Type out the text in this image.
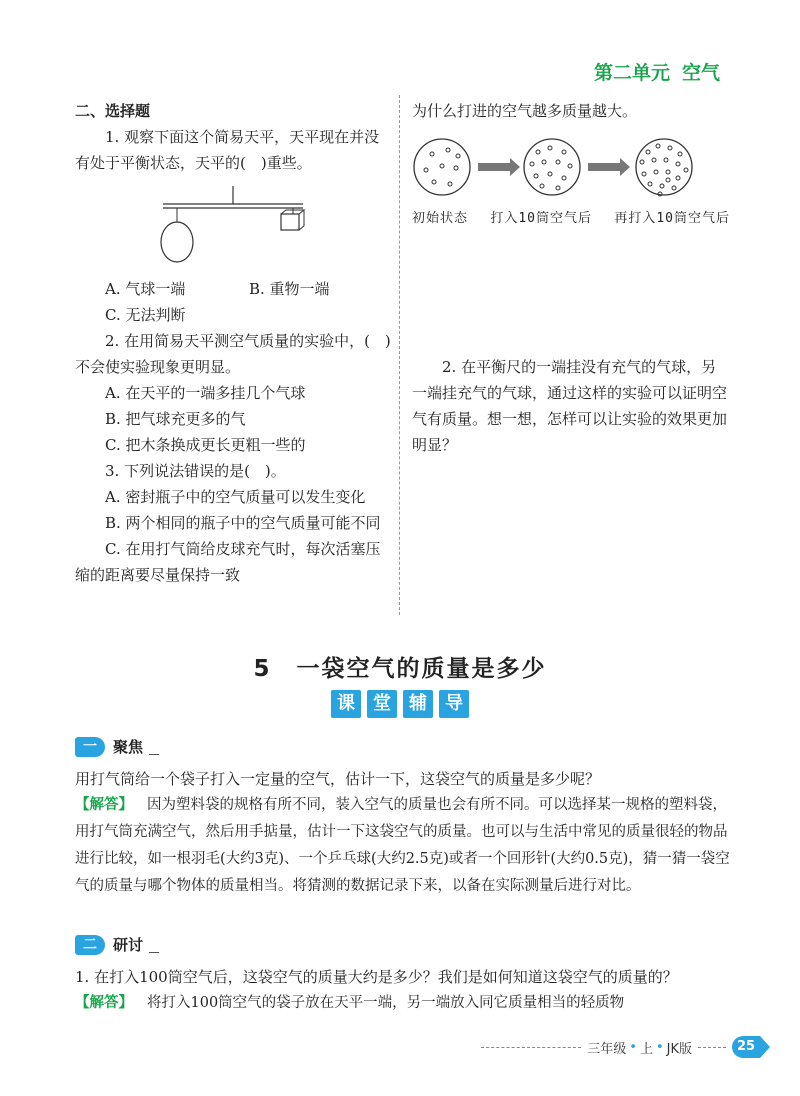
第二单元 空气

二、选择题

1. 观察下面这个简易天平，天平现在并没有处于平衡状态，天平的(　)重些。

A. 气球一端	B. 重物一端

C. 无法判断

2. 在用简易天平测空气质量的实验中，(　)不会使实验现象更明显。

A. 在天平的一端多挂几个气球

B. 把气球充更多的气

C. 把木条换成更长更粗一些的

3. 下列说法错误的是(　)。

A. 密封瓶子中的空气质量可以发生变化

B. 两个相同的瓶子中的空气质量可能不同

C. 在用打气筒给皮球充气时，每次活塞压缩的距离要尽量保持一致

为什么打进的空气越多质量越大。

初始状态 打入10筒空气后 再打入10筒空气后

2. 在平衡尺的一端挂没有充气的气球，另一端挂充气的气球，通过这样的实验可以证明空气有质量。想一想，怎样可以让实验的效果更加明显？

5　一袋空气的质量是多少
课	堂	辅	导
一	聚焦

用打气筒给一个袋子打入一定量的空气，估计一下，这袋空气的质量是多少呢？

【解答】 因为塑料袋的规格有所不同，装入空气的质量也会有所不同。可以选择某一规格的塑料袋，用打气筒充满空气，然后用手掂量，估计一下这袋空气的质量。也可以与生活中常见的质量很轻的物品进行比较，如一根羽毛(大约3克)、一个乒乓球(大约2.5克)或者一个回形针(大约0.5克)，猜一猜一袋空气的质量与哪个物体的质量相当。将猜测的数据记录下来，以备在实际测量后进行对比。

二	研讨

1. 在打入100筒空气后，这袋空气的质量大约是多少？我们是如何知道这袋空气的质量的？

【解答】 将打入100筒空气的袋子放在天平一端，另一端放入同它质量相当的轻质物

三年级 • 上 • JK版	25
